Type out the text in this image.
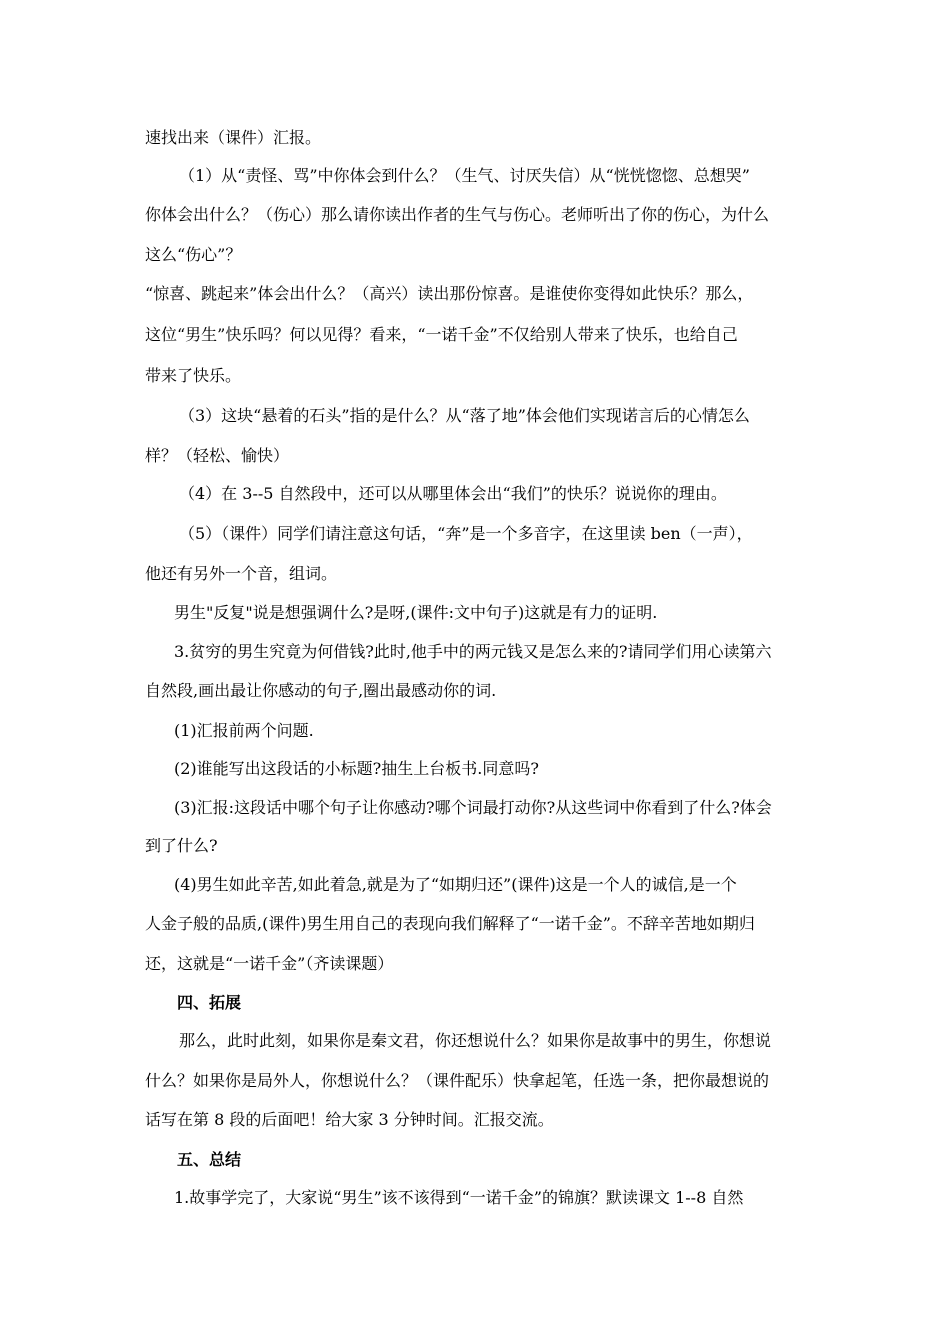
速找出来（课件）汇报。
（1）从“责怪、骂”中你体会到什么？（生气、讨厌失信）从“恍恍惚惚、总想哭”
你体会出什么？（伤心）那么请你读出作者的生气与伤心。老师听出了你的伤心，为什么
这么“伤心”？
“惊喜、跳起来”体会出什么？（高兴）读出那份惊喜。是谁使你变得如此快乐？那么，
这位“男生”快乐吗？何以见得？看来，“一诺千金”不仅给别人带来了快乐，也给自己
带来了快乐。
（3）这块“悬着的石头”指的是什么？从“落了地”体会他们实现诺言后的心情怎么
样？（轻松、愉快）
（4）在 3--5 自然段中，还可以从哪里体会出“我们”的快乐？说说你的理由。
（5）（课件）同学们请注意这句话，“奔”是一个多音字，在这里读 ben（一声），
他还有另外一个音，组词。
男生"反复"说是想强调什么?是呀,(课件:文中句子)这就是有力的证明.
3.贫穷的男生究竟为何借钱?此时,他手中的两元钱又是怎么来的?请同学们用心读第六
自然段,画出最让你感动的句子,圈出最感动你的词.
(1)汇报前两个问题.
(2)谁能写出这段话的小标题?抽生上台板书.同意吗?
(3)汇报:这段话中哪个句子让你感动?哪个词最打动你?从这些词中你看到了什么?体会
到了什么?
(4)男生如此辛苦,如此着急,就是为了“如期归还”(课件)这是一个人的诚信,是一个
人金子般的品质,(课件)男生用自己的表现向我们解释了“一诺千金”。不辞辛苦地如期归
还，这就是“一诺千金”（齐读课题）
四、拓展
那么，此时此刻，如果你是秦文君，你还想说什么？如果你是故事中的男生，你想说
什么？如果你是局外人，你想说什么？（课件配乐）快拿起笔，任选一条，把你最想说的
话写在第 8 段的后面吧！给大家 3 分钟时间。汇报交流。
五、总结
1.故事学完了，大家说“男生”该不该得到“一诺千金”的锦旗？默读课文 1--8 自然
